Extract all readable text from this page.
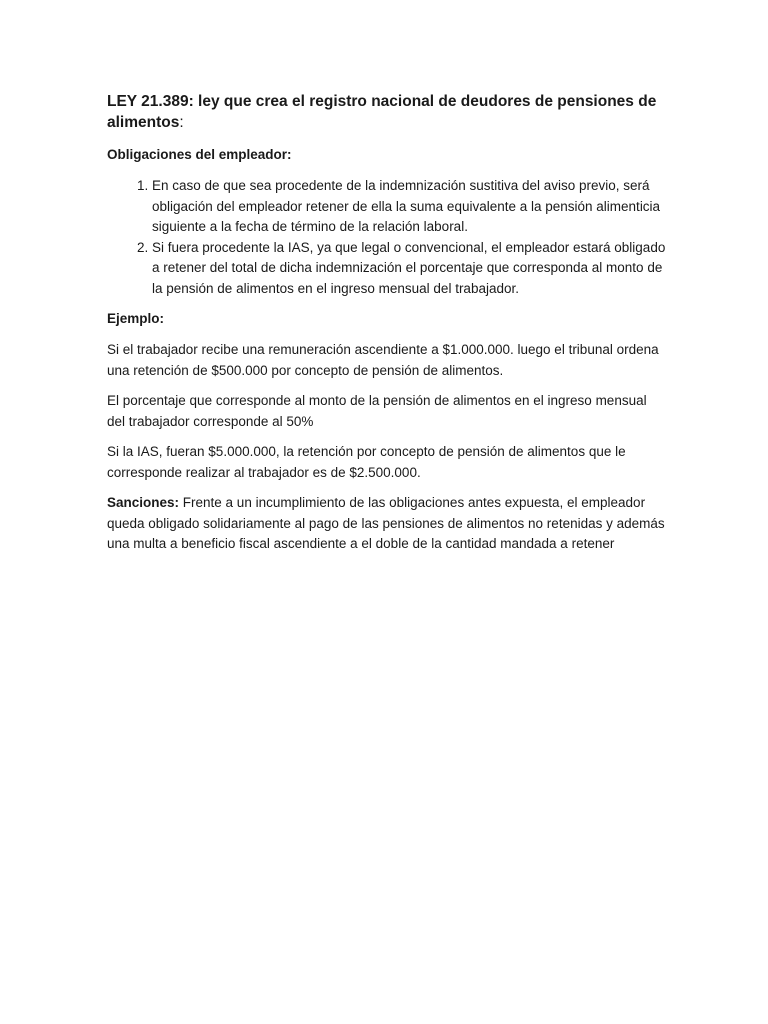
LEY 21.389: ley que crea el registro nacional de deudores de pensiones de alimentos:
Obligaciones del empleador:
1. En caso de que sea procedente de la indemnización sustitiva del aviso previo, será obligación del empleador retener de ella la suma equivalente a la pensión alimenticia siguiente a la fecha de término de la relación laboral.
2. Si fuera procedente la IAS, ya que legal o convencional, el empleador estará obligado a retener del total de dicha indemnización el porcentaje que corresponda al monto de la pensión de alimentos en el ingreso mensual del trabajador.
Ejemplo:

Si el trabajador recibe una remuneración ascendiente a $1.000.000. luego el tribunal ordena una retención de $500.000 por concepto de pensión de alimentos.

El porcentaje que corresponde al monto de la pensión de alimentos en el ingreso mensual del trabajador corresponde al 50%

Si la IAS, fueran $5.000.000, la retención por concepto de pensión de alimentos que le corresponde realizar al trabajador es de $2.500.000.

Sanciones: Frente a un incumplimiento de las obligaciones antes expuesta, el empleador queda obligado solidariamente al pago de las pensiones de alimentos no retenidas y además una multa a beneficio fiscal ascendiente a el doble de la cantidad mandada a retener
